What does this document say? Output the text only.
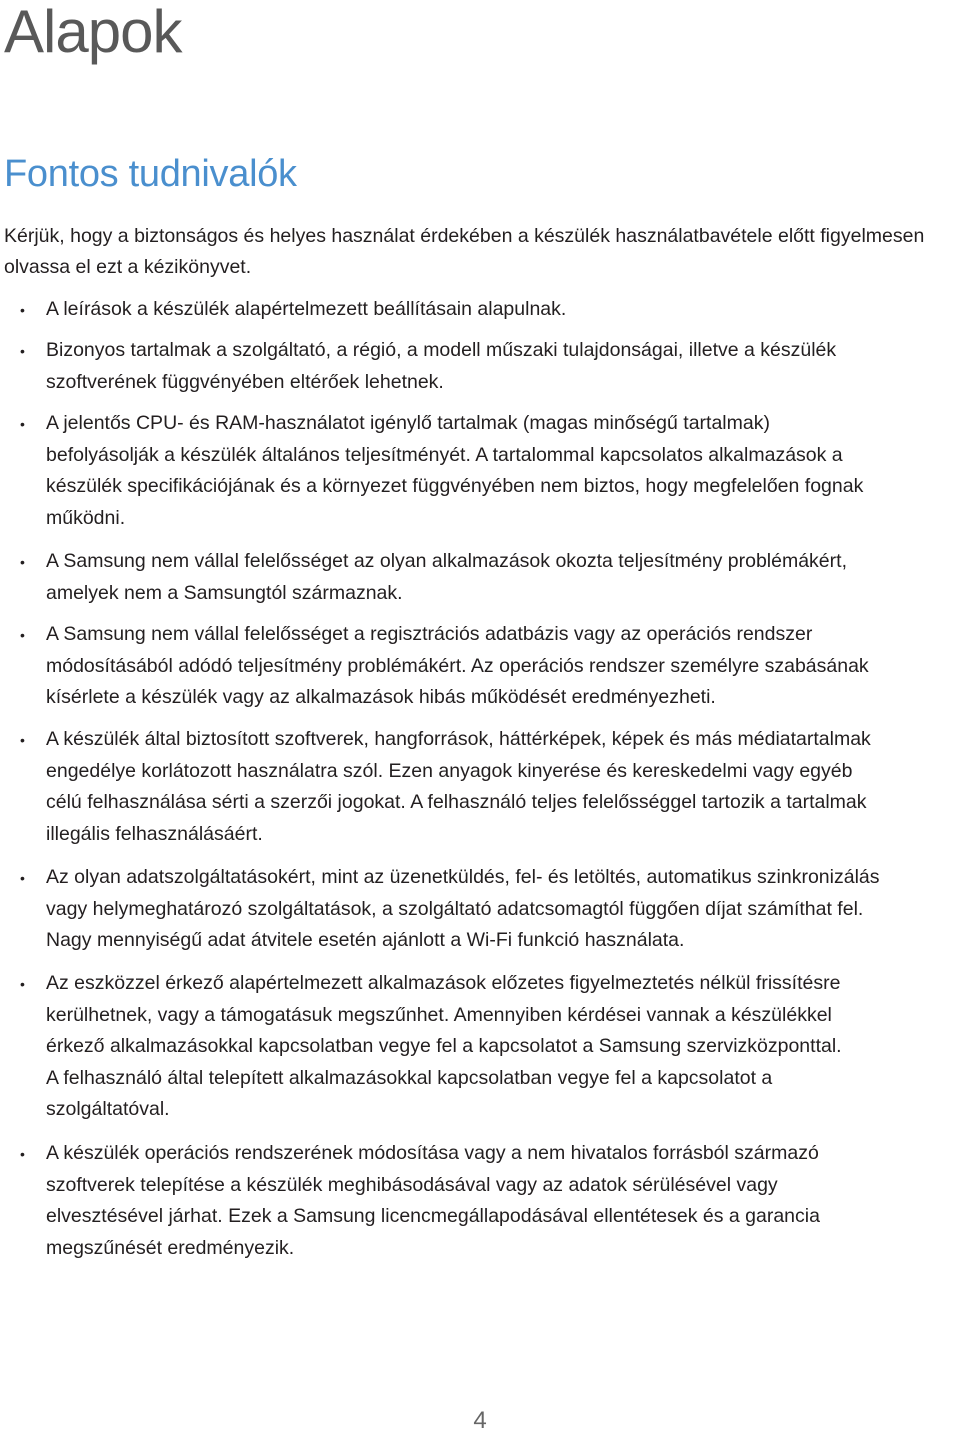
Alapok
Fontos tudnivalók

Kérjük, hogy a biztonságos és helyes használat érdekében a készülék használatbavétele előtt figyelmesen olvassa el ezt a kézikönyvet.

• A leírások a készülék alapértelmezett beállításain alapulnak.
• Bizonyos tartalmak a szolgáltató, a régió, a modell műszaki tulajdonságai, illetve a készülék
szoftverének függvényében eltérőek lehetnek.
• A jelentős CPU- és RAM-használatot igénylő tartalmak (magas minőségű tartalmak)
befolyásolják a készülék általános teljesítményét. A tartalommal kapcsolatos alkalmazások a
készülék specifikációjának és a környezet függvényében nem biztos, hogy megfelelően fognak
működni.
• A Samsung nem vállal felelősséget az olyan alkalmazások okozta teljesítmény problémákért,
amelyek nem a Samsungtól származnak.
• A Samsung nem vállal felelősséget a regisztrációs adatbázis vagy az operációs rendszer
módosításából adódó teljesítmény problémákért. Az operációs rendszer személyre szabásának
kísérlete a készülék vagy az alkalmazások hibás működését eredményezheti.
• A készülék által biztosított szoftverek, hangforrások, háttérképek, képek és más médiatartalmak
engedélye korlátozott használatra szól. Ezen anyagok kinyerése és kereskedelmi vagy egyéb
célú felhasználása sérti a szerzői jogokat. A felhasználó teljes felelősséggel tartozik a tartalmak
illegális felhasználásáért.
• Az olyan adatszolgáltatásokért, mint az üzenetküldés, fel- és letöltés, automatikus szinkronizálás
vagy helymeghatározó szolgáltatások, a szolgáltató adatcsomagtól függően díjat számíthat fel.
Nagy mennyiségű adat átvitele esetén ajánlott a Wi-Fi funkció használata.
• Az eszközzel érkező alapértelmezett alkalmazások előzetes figyelmeztetés nélkül frissítésre
kerülhetnek, vagy a támogatásuk megszűnhet. Amennyiben kérdései vannak a készülékkel
érkező alkalmazásokkal kapcsolatban vegye fel a kapcsolatot a Samsung szervizközponttal.
A felhasználó által telepített alkalmazásokkal kapcsolatban vegye fel a kapcsolatot a
szolgáltatóval.
• A készülék operációs rendszerének módosítása vagy a nem hivatalos forrásból származó
szoftverek telepítése a készülék meghibásodásával vagy az adatok sérülésével vagy
elvesztésével járhat. Ezek a Samsung licencmegállapodásával ellentétesek és a garancia
megszűnését eredményezik.
4
